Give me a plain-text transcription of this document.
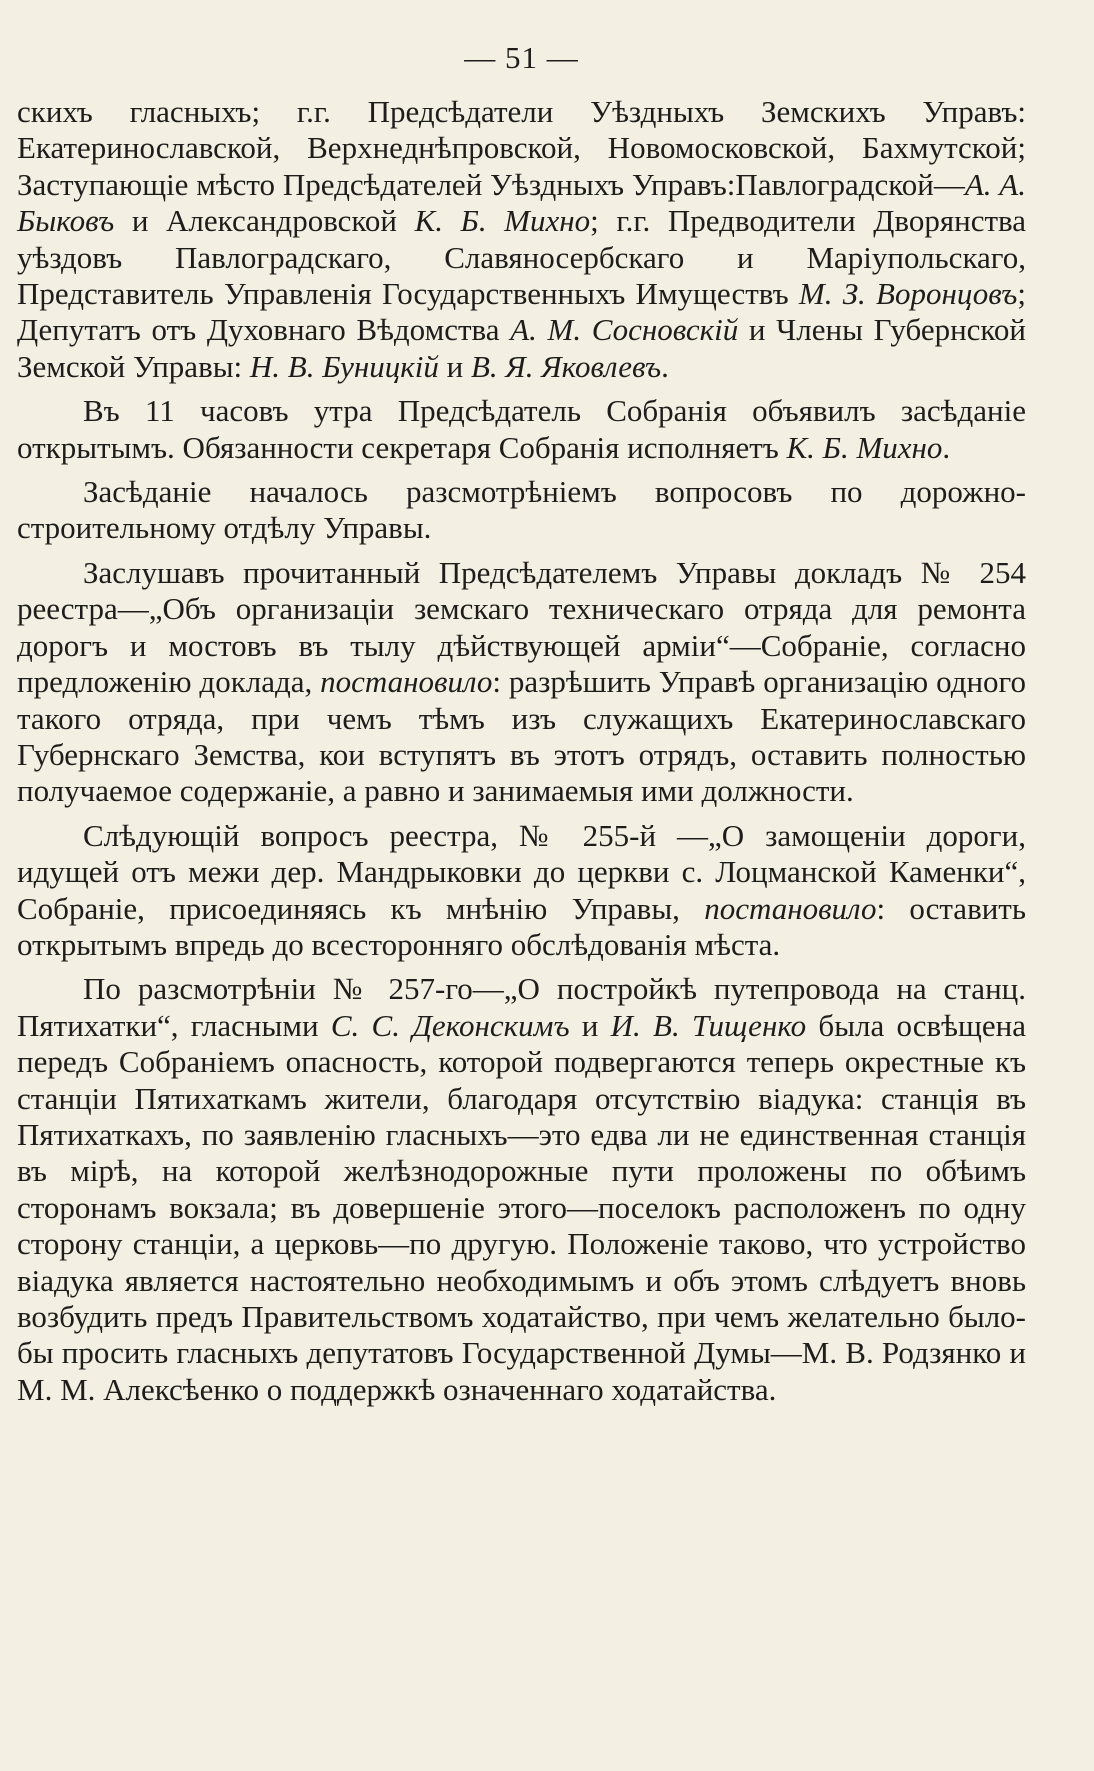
— 51 —

скихъ гласныхъ; г.г. Предсѣдатели Уѣздныхъ Земскихъ Управъ: Екатеринославской, Верхнеднѣпровской, Новомосковской, Бахмутской; Заступающіе мѣсто Предсѣдателей Уѣздныхъ Управъ:Павлоградской—А. А. Быковъ и Александровской К. Б. Михно; г.г. Предводители Дворянства уѣздовъ Павлоградскаго, Славяносербскаго и Маріупольскаго, Представитель Управленія Государственныхъ Имуществъ М. З. Воронцовъ; Депутатъ отъ Духовнаго Вѣдомства А. М. Сосновскій и Члены Губернской Земской Управы: Н. В. Буницкій и В. Я. Яковлевъ.

Въ 11 часовъ утра Предсѣдатель Собранія объявилъ засѣданіе открытымъ. Обязанности секретаря Собранія исполняетъ К. Б. Михно.

Засѣданіе началось разсмотрѣніемъ вопросовъ по дорожно-строительному отдѣлу Управы.

Заслушавъ прочитанный Предсѣдателемъ Управы докладъ № 254 реестра—„Объ организаціи земскаго техническаго отряда для ремонта дорогъ и мостовъ въ тылу дѣйствующей арміи“—Собраніе, согласно предложенію доклада, постановило: разрѣшить Управѣ организацію одного такого отряда, при чемъ тѣмъ изъ служащихъ Екатеринославскаго Губернскаго Земства, кои вступятъ въ этотъ отрядъ, оставить полностью получаемое содержаніе, а равно и занимаемыя ими должности.

Слѣдующій вопросъ реестра, № 255-й —„О замощеніи дороги, идущей отъ межи дер. Мандрыковки до церкви с. Лоцманской Каменки“, Собраніе, присоединяясь къ мнѣнію Управы, постановило: оставить открытымъ впредь до всесторонняго обслѣдованія мѣста.

По разсмотрѣніи № 257-го—„О постройкѣ путепровода на станц. Пятихатки“, гласными С. С. Деконскимъ и И. В. Тищенко была освѣщена передъ Собраніемъ опасность, которой подвергаются теперь окрестные къ станціи Пятихаткамъ жители, благодаря отсутствію віадука: станція въ Пятихаткахъ, по заявленію гласныхъ—это едва ли не единственная станція въ мірѣ, на которой желѣзнодорожные пути проложены по обѣимъ сторонамъ вокзала; въ довершеніе этого—поселокъ расположенъ по одну сторону станціи, а церковь—по другую. Положеніе таково, что устройство віадука является настоятельно необходимымъ и объ этомъ слѣдуетъ вновь возбудить предъ Правительствомъ ходатайство, при чемъ желательно было-бы просить гласныхъ депутатовъ Государственной Думы—М. В. Родзянко и М. М. Алексѣенко о поддержкѣ означеннаго ходатайства.
